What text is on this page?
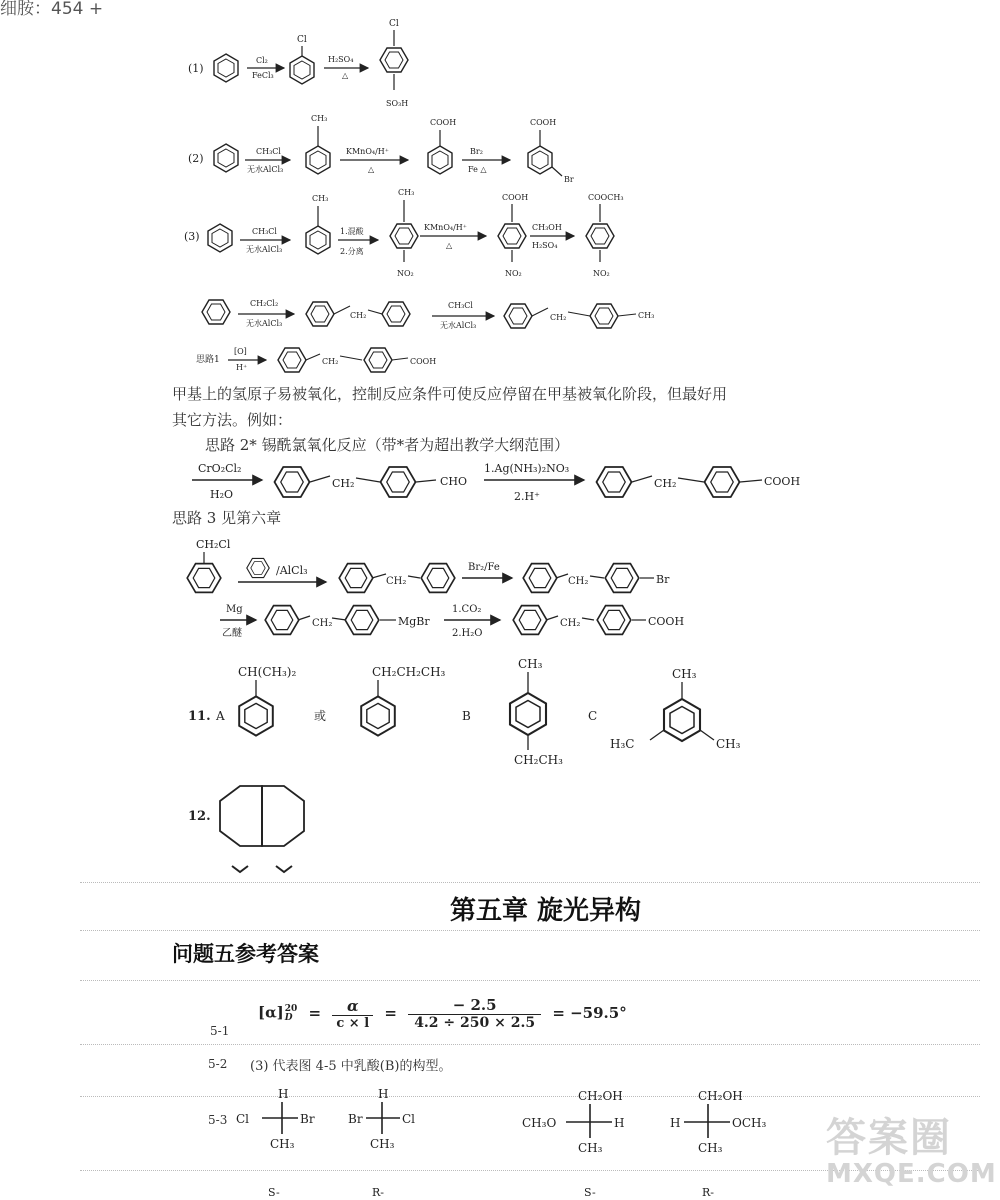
细胺：454 +
(1)
Cl₂
FeCl₃
Cl
H₂SO₄
△
Cl
SO₃H
(2)
CH₃Cl
无水AlCl₃
CH₃
KMnO₄/H⁺
△
COOH
Br₂
Fe △
COOH
Br
(3)	CH₃Cl
无水AlCl₃
CH₃
1.混酸
2.分离
CH₃
NO₂
KMnO₄/H⁺
△
COOH
NO₂
CH₃OH
H₂SO₄
COOCH₃
NO₂
CH₂Cl₂
无水AlCl₃
CH₂
CH₃Cl
无水AlCl₃
CH₂	CH₃
思路1
[O]
H⁺
CH₂	COOH
CrO₂Cl₂
H₂O
CH₂	CHO
1.Ag(NH₃)₂NO₃
2.H⁺
CH₂	COOH
CH₂Cl
/AlCl₃
CH₂
Br₂/Fe
CH₂	Br
Mg
乙醚
CH₂	MgBr
1.CO₂
2.H₂O
CH₂	COOH
11. A
CH(CH₃)₂
或
CH₂CH₂CH₃
B
CH₃
CH₂CH₃
C
CH₃
H₃C	CH₃
12.
甲基上的氢原子易被氧化，控制反应条件可使反应停留在甲基被氧化阶段，但最好用
其它方法。例如：
思路 2* 锡酰氯氧化反应（带*者为超出教学大纲范围）
思路 3 见第六章
第五章 旋光异构
问题五参考答案
5-1
[α]20
$D = \frac{\alpha}{c \times l} = \frac{- 2.5}{4.2 \div 250 \times 2.5} = -59.5^\circ$
5-2 (3) 代表图 4-5 中乳酸(B)的构型。
5-3
H
Cl	Br
CH₃
S-
H
Br	Cl
CH₃
R-
CH₂OH
CH₃O	H
CH₃
S-
CH₂OH
H	OCH₃
CH₃
R-
答案圈
MXQE.COM
